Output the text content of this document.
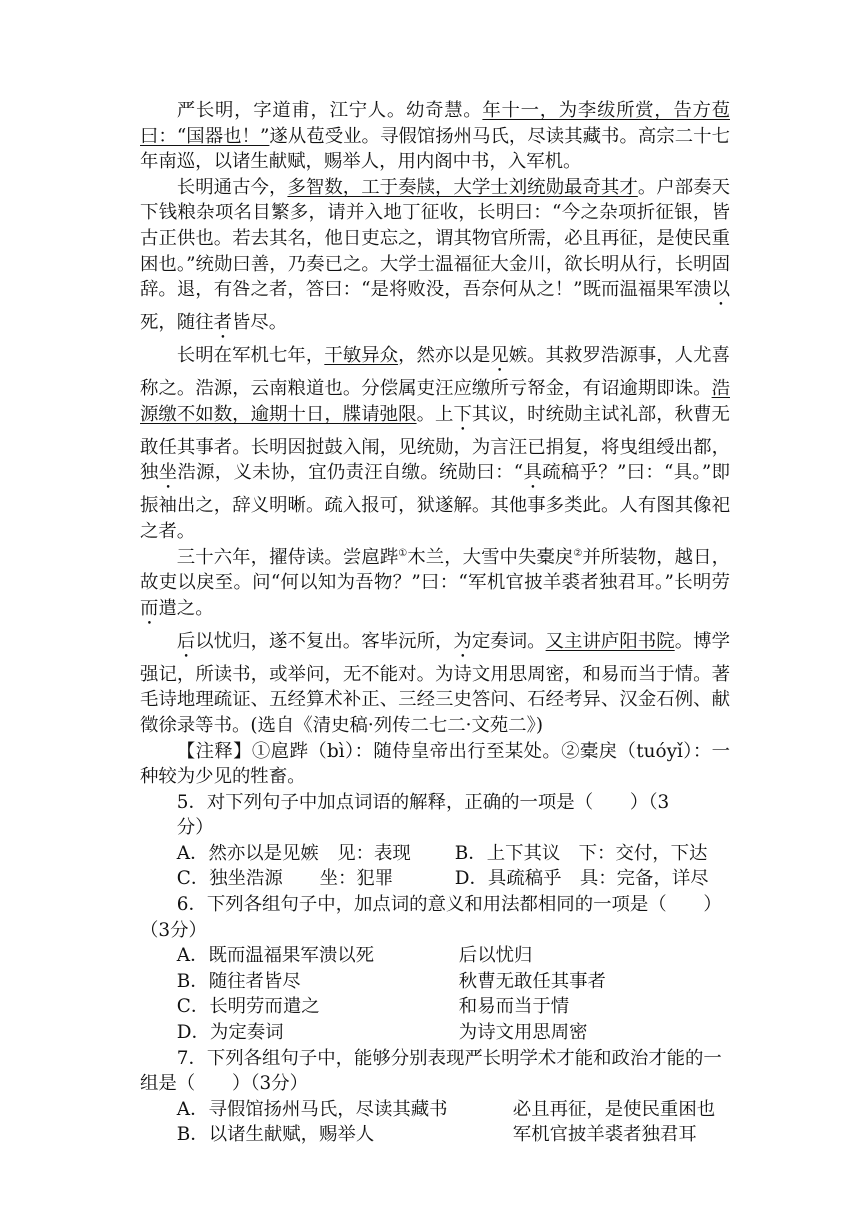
严长明，字道甫，江宁人。幼奇慧。年十一，为李绂所赏，告方苞曰：“国器也！”遂从苞受业。寻假馆扬州马氏，尽读其藏书。高宗二十七年南巡，以诸生献赋，赐举人，用内阁中书，入军机。

长明通古今，多智数，工于奏牍，大学士刘统勋最奇其才。户部奏天下钱粮杂项名目繁多，请并入地丁征收，长明曰：“今之杂项折征银，皆古正供也。若去其名，他日吏忘之，谓其物官所需，必且再征，是使民重困也。”统勋曰善，乃奏已之。大学士温福征大金川，欲长明从行，长明固辞。退，有咎之者，答曰：“是将败没，吾奈何从之！”既而温福果军溃以死，随往者皆尽。

长明在军机七年，干敏异众，然亦以是见嫉。其救罗浩源事，人尤喜称之。浩源，云南粮道也。分偿属吏汪应缴所亏帑金，有诏逾期即诛。浩源缴不如数，逾期十日，牒请弛限。上下其议，时统勋主试礼部，秋曹无敢任其事者。长明因挝鼓入闱，见统勋，为言汪已捐复，将曳组绶出都，独坐浩源，义未协，宜仍责汪自缴。统勋曰：“具疏稿乎？”曰：“具。”即振袖出之，辞义明晰。疏入报可，狱遂解。其他事多类此。人有图其像祀之者。

三十六年，擢侍读。尝扈跸①木兰，大雪中失橐戾②并所装物，越日，故吏以戾至。问“何以知为吾物？”曰：“军机官披羊裘者独君耳。”长明劳而遣之。

后以忧归，遂不复出。客毕沅所，为定奏词。又主讲庐阳书院。博学强记，所读书，或举问，无不能对。为诗文用思周密，和易而当于情。著毛诗地理疏证、五经算术补正、三经三史答问、石经考异、汉金石例、献徵徐录等书。(选自《清史稿·列传二七二·文苑二》)

【注释】①扈跸（bì）：随侍皇帝出行至某处。②橐戾（tuóyǐ）：一种较为少见的牲畜。

5．对下列句子中加点词语的解释，正确的一项是（　　）（3

分）

A．然亦以是见嫉　见：表现	B．上下其议　下：交付，下达
C．独坐浩源　　坐：犯罪	D．具疏稿乎　具：完备，详尽

6．下列各组句子中，加点词的意义和用法都相同的一项是（　　）（3分）

A．既而温福果军溃以死	后以忧归
B．随往者皆尽	秋曹无敢任其事者
C．长明劳而遣之	和易而当于情
D．为定奏词	为诗文用思周密

7．下列各组句子中，能够分别表现严长明学术才能和政治才能的一组是（　　）（3分）

A．寻假馆扬州马氏，尽读其藏书	必且再征，是使民重困也
B．以诸生献赋，赐举人	军机官披羊裘者独君耳
